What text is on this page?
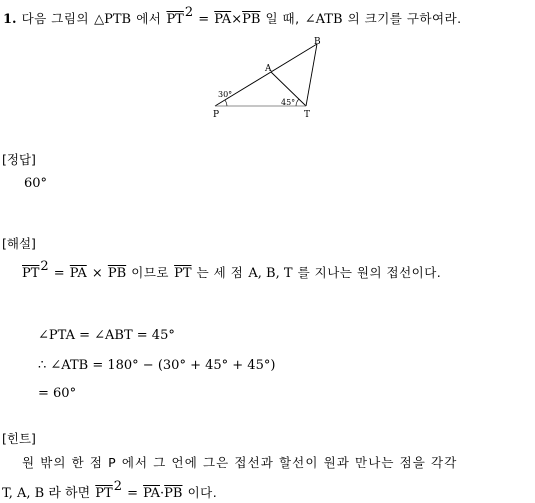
1. 다음 그림의 △PTB 에서 $\overline{PT}^2 = \overline{PA}\times\overline{PB}$ 일 때, ∠ATB 의 크기를 구하여라.
B
A
P	T
30°
45°
[정답]
60°
[해설]
$\overline{PT}^2 = \overline{PA} \times \overline{PB}$ 이므로 $\overline{PT}$ 는 세 점 A, B, T 를 지나는 원의 접선이다.
∠PTA = ∠ABT = 45°
∴ ∠ATB = 180° − (30° + 45° + 45°)
= 60°
[힌트]
원 밖의 한 점 P 에서 그 언에 그은 접선과 할선이 원과 만나는 점을 각각
T, A, B 라 하면 $\overline{PT}^2 = \overline{PA}\cdot\overline{PB}$ 이다.
